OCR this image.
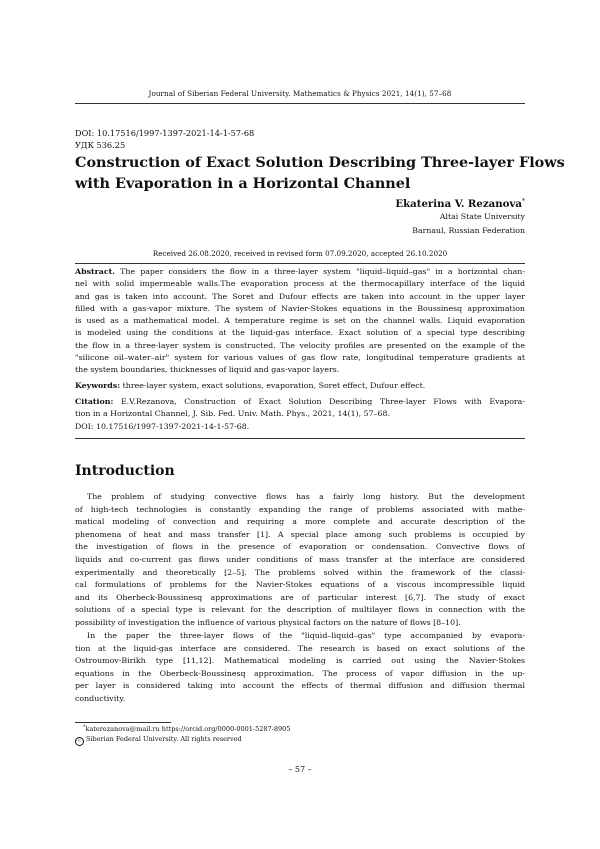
Journal of Siberian Federal University. Mathematics & Physics 2021, 14(1), 57–68
DOI: 10.17516/1997-1397-2021-14-1-57-68
УДК 536.25
Construction of Exact Solution Describing Three-layer Flows
with Evaporation in a Horizontal Channel
Ekaterina V. Rezanova*
Altai State University
Barnaul, Russian Federation
Received 26.08.2020, received in revised form 07.09.2020, accepted 26.10.2020
Abstract. The paper considers the flow in a three-layer system "liquid–liquid–gas" in a horizontal chan-
nel with solid impermeable walls.The evaporation process at the thermocapillary interface of the liquid
and gas is taken into account. The Soret and Dufour effects are taken into account in the upper layer
filled with a gas-vapor mixture. The system of Navier-Stokes equations in the Boussinesq approximation
is used as a mathematical model. A temperature regime is set on the channel walls. Liquid evaporation
is modeled using the conditions at the liquid-gas interface. Exact solution of a special type describing
the flow in a three-layer system is constructed. The velocity profiles are presented on the example of the
"silicone oil–water–air" system for various values of gas flow rate, longitudinal temperature gradients at
the system boundaries, thicknesses of liquid and gas-vapor layers.
Keywords: three-layer system, exact solutions, evaporation, Soret effect, Dufour effect.
Citation: E.V.Rezanova, Construction of Exact Solution Describing Three-layer Flows with Evapora-
tion in a Horizontal Channel, J. Sib. Fed. Univ. Math. Phys., 2021, 14(1), 57–68.
DOI: 10.17516/1997-1397-2021-14-1-57-68.
Introduction
The problem of studying convective flows has a fairly long history. But the development
of high-tech technologies is constantly expanding the range of problems associated with mathe-
matical modeling of convection and requiring a more complete and accurate description of the
phenomena of heat and mass transfer [1]. A special place among such problems is occupied by
the investigation of flows in the presence of evaporation or condensation. Convective flows of
liquids and co-current gas flows under conditions of mass transfer at the interface are considered
experimentally and theoretically [2–5]. The problems solved within the framework of the classi-
cal formulations of problems for the Navier-Stokes equations of a viscous incompressible liquid
and its Oberbeck-Boussinesq approximations are of particular interest [6,7]. The study of exact
solutions of a special type is relevant for the description of multilayer flows in connection with the
possibility of investigation the influence of various physical factors on the nature of flows [8–10].
In the paper the three-layer flows of the "liquid–liquid–gas" type accompanied by evapora-
tion at the liquid-gas interface are considered. The research is based on exact solutions of the
Ostroumov-Birikh type [11,12]. Mathematical modeling is carried out using the Navier-Stokes
equations in the Oberbeck-Boussinesq approximation. The process of vapor diffusion in the up-
per layer is considered taking into account the effects of thermal diffusion and diffusion thermal
conductivity.
*katerezanova@mail.ru https://orcid.org/0000-0001-5287-8905
c Siberian Federal University. All rights reserved
– 57 –
